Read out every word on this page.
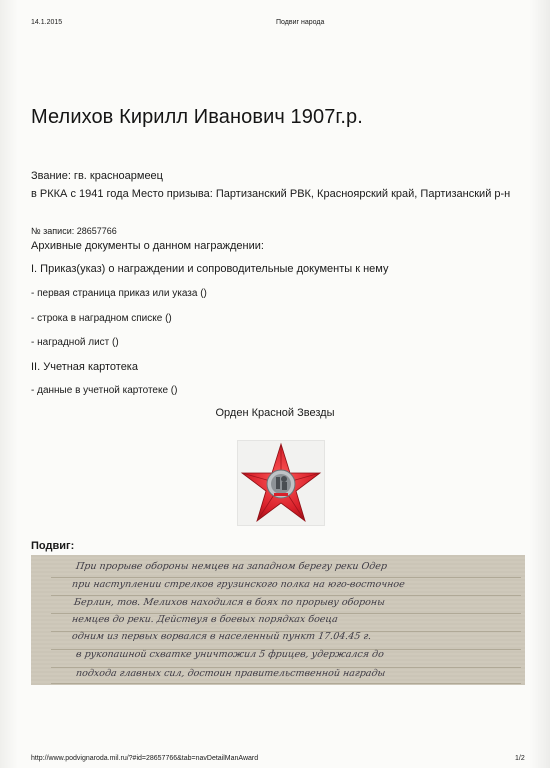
14.1.2015	Подвиг народа
Мелихов Кирилл Иванович 1907г.р.
Звание: гв. красноармеец
в РККА с 1941 года Место призыва: Партизанский РВК, Красноярский край, Партизанский р-н
№ записи: 28657766
Архивные документы о данном награждении:
I. Приказ(указ) о награждении и сопроводительные документы к нему
- первая страница приказ или указа ()
- строка в наградном списке ()
- наградной лист ()
II. Учетная картотека
- данные в учетной картотеке ()
Орден Красной Звезды
Подвиг:
При прорыве обороны немцев на западном берегу реки Одер
при наступлении стрелков грузинского полка на юго-восточное
Берлин, тов. Мелихов находился в боях по прорыву обороны
немцев до реки. Действуя в боевых порядках боеца
одним из первых ворвался в населенный пункт 17.04.45 г.
в рукопашной схватке уничтожил 5 фрицев, удержался до
подхода главных сил, достоин правительственной награды
http://www.podvignaroda.mil.ru/?#id=28657766&tab=navDetailManAward	1/2
